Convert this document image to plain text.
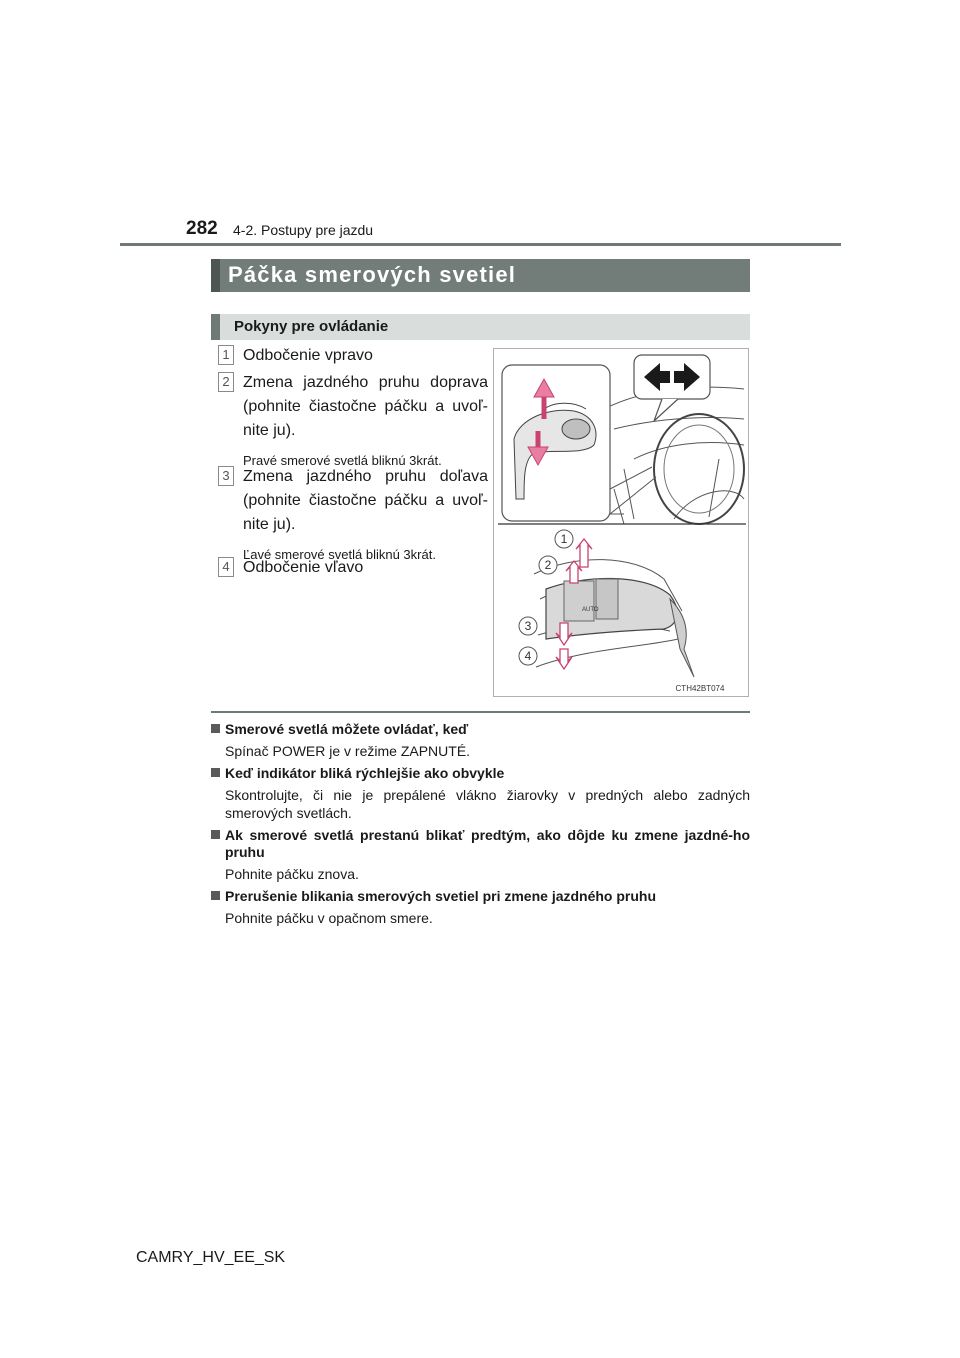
282 4-2. Postupy pre jazdu
Páčka smerových svetiel
Pokyny pre ovládanie
1 Odbočenie vpravo
2 Zmena jazdného pruhu doprava (pohnite čiastočne páčku a uvoľ-nite ju).
Pravé smerové svetlá bliknú 3krát.
3 Zmena jazdného pruhu doľava (pohnite čiastočne páčku a uvoľ-nite ju).
Ľavé smerové svetlá bliknú 3krát.
4 Odbočenie vľavo
AUTO
1
2
3
4
CTH42BT074
Smerové svetlá môžete ovládať, keď
Spínač POWER je v režime ZAPNUTÉ.
Keď indikátor bliká rýchlejšie ako obvykle
Skontrolujte, či nie je prepálené vlákno žiarovky v predných alebo zadných smerových svetlách.
Ak smerové svetlá prestanú blikať predtým, ako dôjde ku zmene jazdné-ho pruhu
Pohnite páčku znova.
Prerušenie blikania smerových svetiel pri zmene jazdného pruhu
Pohnite páčku v opačnom smere.
CAMRY_HV_EE_SK
